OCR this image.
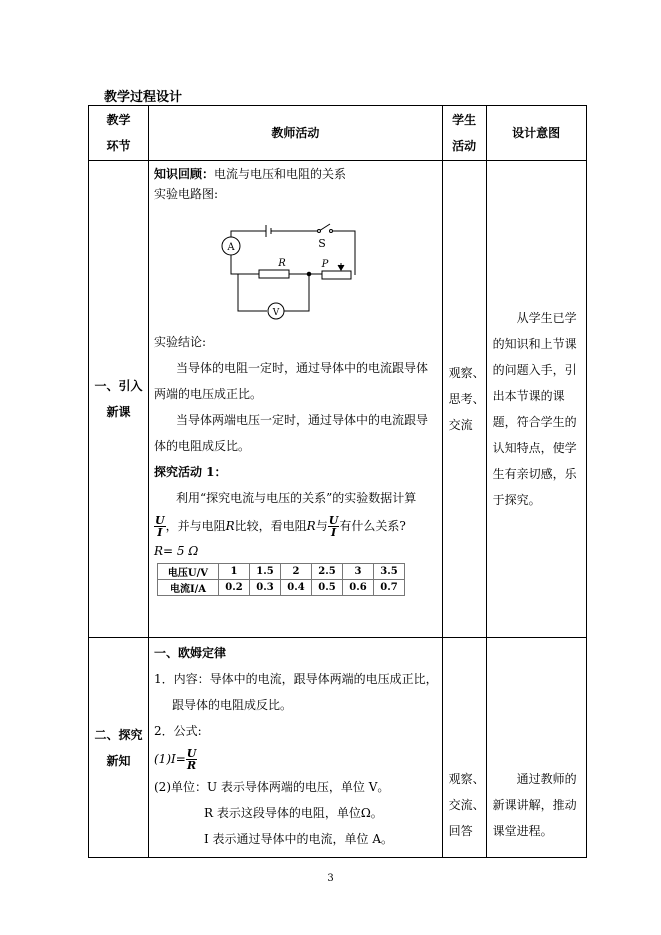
教学过程设计
教学
环节
	教师活动	
学生
活动
	设计意图

一、引入
新课

知识回顾：电流与电压和电阻的关系
实验电路图:
A	S
R	P
V
实验结论:
当导体的电阻一定时，通过导体中的电流跟导体
两端的电压成正比。
当导体两端电压一定时，通过导体中的电流跟导
体的电阻成反比。
探究活动 1：
利用“探究电流与电压的关系”的实验数据计算
$\frac{U}{I}$ ，并与电阻R比较，看电阻R与 $\frac{U}{I}$ 有什么关系?
R= 5 Ω
电压U/V	1	1.5	2	2.5	3	3.5
电流I/A	0.2	0.3	0.4	0.5	0.6	0.7

观察、
思考、
交流

从学生已学的知识和上节课的问题入手，引出本节课的课题，符合学生的认知特点，使学生有亲切感，乐于探究。

二、探究
新知

一、欧姆定律
1．内容：导体中的电流，跟导体两端的电压成正比，
跟导体的电阻成反比。
2．公式:
$(1)I= \frac{U}{R}$
(2)单位：U 表示导体两端的电压，单位 V。
R 表示这段导体的电阻，单位Ω。
I 表示通过导体中的电流，单位 A。

观察、
交流、
回答

通过教师的新课讲解，推动课堂进程。

3
